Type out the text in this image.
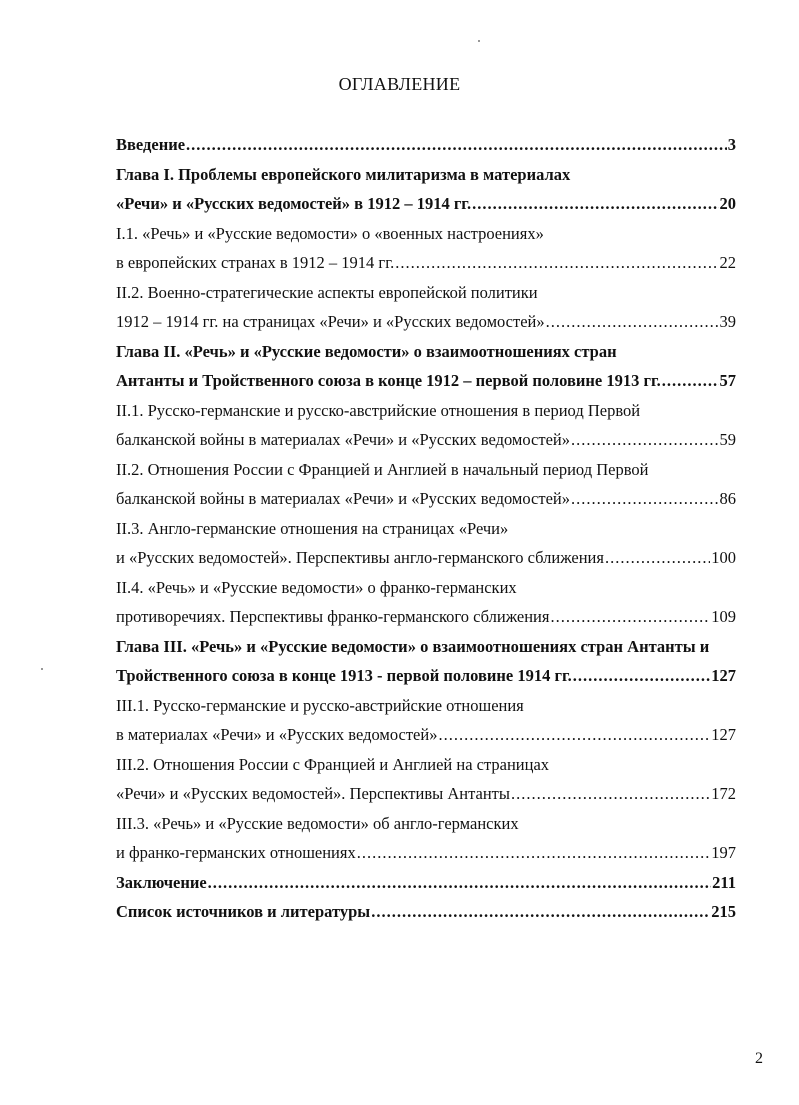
ОГЛАВЛЕНИЕ
Введение .....	3
Глава I. Проблемы европейского милитаризма в материалах
«Речи» и «Русских ведомостей» в 1912 – 1914 гг. .....	20
I.1. «Речь» и «Русские ведомости» о «военных настроениях»
в европейских странах в 1912 – 1914 гг. .....	22
II.2. Военно-стратегические аспекты европейской политики
1912 – 1914 гг. на страницах «Речи» и «Русских ведомостей» .....	39
Глава II. «Речь» и «Русские ведомости» о взаимоотношениях стран
Антанты и Тройственного союза в конце 1912 – первой половине 1913 гг. .....	57
II.1. Русско-германские и русско-австрийские отношения в период Первой
балканской войны в материалах «Речи» и «Русских ведомостей» .....	59
II.2. Отношения России с Францией и Англией в начальный период Первой
балканской войны в материалах «Речи» и «Русских ведомостей» .....	86
II.3. Англо-германские отношения на страницах «Речи»
и «Русских ведомостей». Перспективы англо-германского сближения .....	100
II.4. «Речь» и «Русские ведомости» о франко-германских
противоречиях. Перспективы франко-германского сближения .....	109
Глава III. «Речь» и «Русские ведомости» о взаимоотношениях стран Антанты и
Тройственного союза в конце 1913 - первой половине 1914 гг. .....	127
III.1. Русско-германские и русско-австрийские отношения
в материалах «Речи» и «Русских ведомостей» .....	127
III.2. Отношения России с Францией и Англией на страницах
«Речи» и «Русских ведомостей». Перспективы Антанты .....	172
III.3. «Речь» и «Русские ведомости» об англо-германских
и франко-германских отношениях .....	197
Заключение .....	211
Список источников и литературы .....	215
2
